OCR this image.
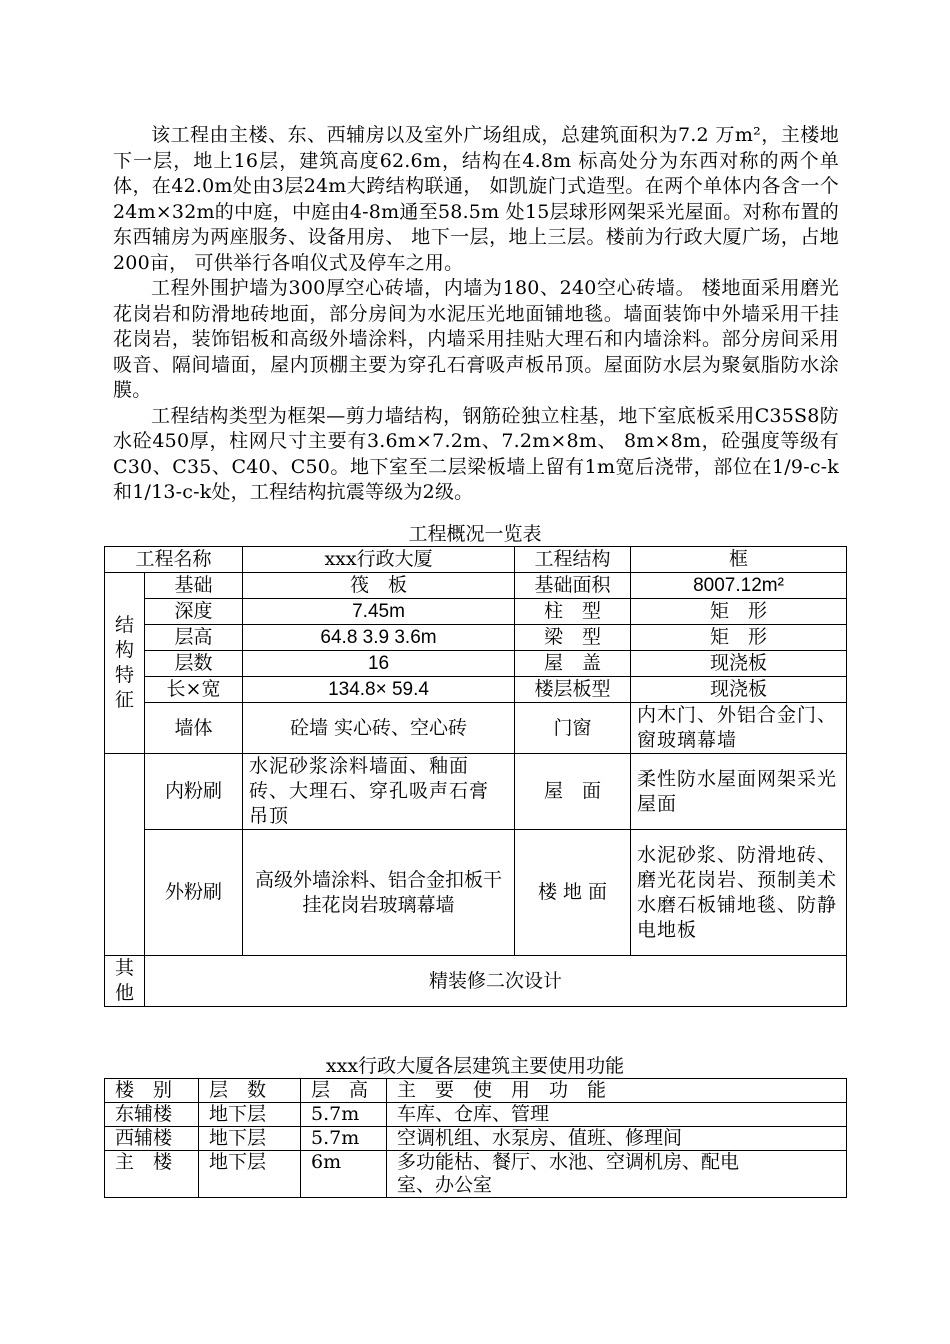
该工程由主楼、东、西辅房以及室外广场组成，总建筑面积为7.2 万m²，主楼地下一层，地上16层，建筑高度62.6m，结构在4.8m 标高处分为东西对称的两个单体，在42.0m处由3层24m大跨结构联通， 如凯旋门式造型。在两个单体内各含一个24m×32m的中庭，中庭由4-8m通至58.5m 处15层球形网架采光屋面。对称布置的东西辅房为两座服务、设备用房、 地下一层，地上三层。楼前为行政大厦广场，占地200亩， 可供举行各咱仪式及停车之用。

工程外围护墙为300厚空心砖墙，内墙为180、240空心砖墙。 楼地面采用磨光花岗岩和防滑地砖地面，部分房间为水泥压光地面铺地毯。墙面装饰中外墙采用干挂花岗岩，装饰铝板和高级外墙涂料，内墙采用挂贴大理石和内墙涂料。部分房间采用吸音、隔间墙面，屋内顶棚主要为穿孔石膏吸声板吊顶。屋面防水层为聚氨脂防水涂膜。

工程结构类型为框架—剪力墙结构，钢筋砼独立柱基，地下室底板采用C35S8防水砼450厚，柱网尺寸主要有3.6m×7.2m、7.2m×8m、 8m×8m，砼强度等级有C30、C35、C40、C50。地下室至二层梁板墙上留有1m宽后浇带，部位在1/9-c-k和1/13-c-k处，工程结构抗震等级为2级。

工程概况一览表

工程名称		xxx行政大厦	工程结构	框
结构特征	基础	筏　板	基础面积	8007.12m²
	深度	7.45m	柱　型	矩　形
	层高	64.8 3.9 3.6m	梁　型	矩　形
	层数	16	屋　盖	现浇板
	长×宽	134.8× 59.4	楼层板型	现浇板
	墙体	砼墙 实心砖、空心砖	门窗	内木门、外铝合金门、窗玻璃幕墙
	内粉刷	水泥砂浆涂料墙面、釉面砖、大理石、穿孔吸声石膏吊顶	屋　面	柔性防水屋面网架采光屋面
	外粉刷	高级外墙涂料、铝合金扣板干挂花岗岩玻璃幕墙	楼 地 面	水泥砂浆、防滑地砖、磨光花岗岩、预制美术水磨石板铺地毯、防静电地板
其他	精装修二次设计			

xxx行政大厦各层建筑主要使用功能

楼　别	层　数	层　高	主　要　使　用　功　能
东辅楼	地下层	5.7m	车库、仓库、管理
西辅楼	地下层	5.7m	空调机组、水泵房、值班、修理间
主　楼	地下层	6m	多功能枯、餐厅、水池、空调机房、配电室、办公室
